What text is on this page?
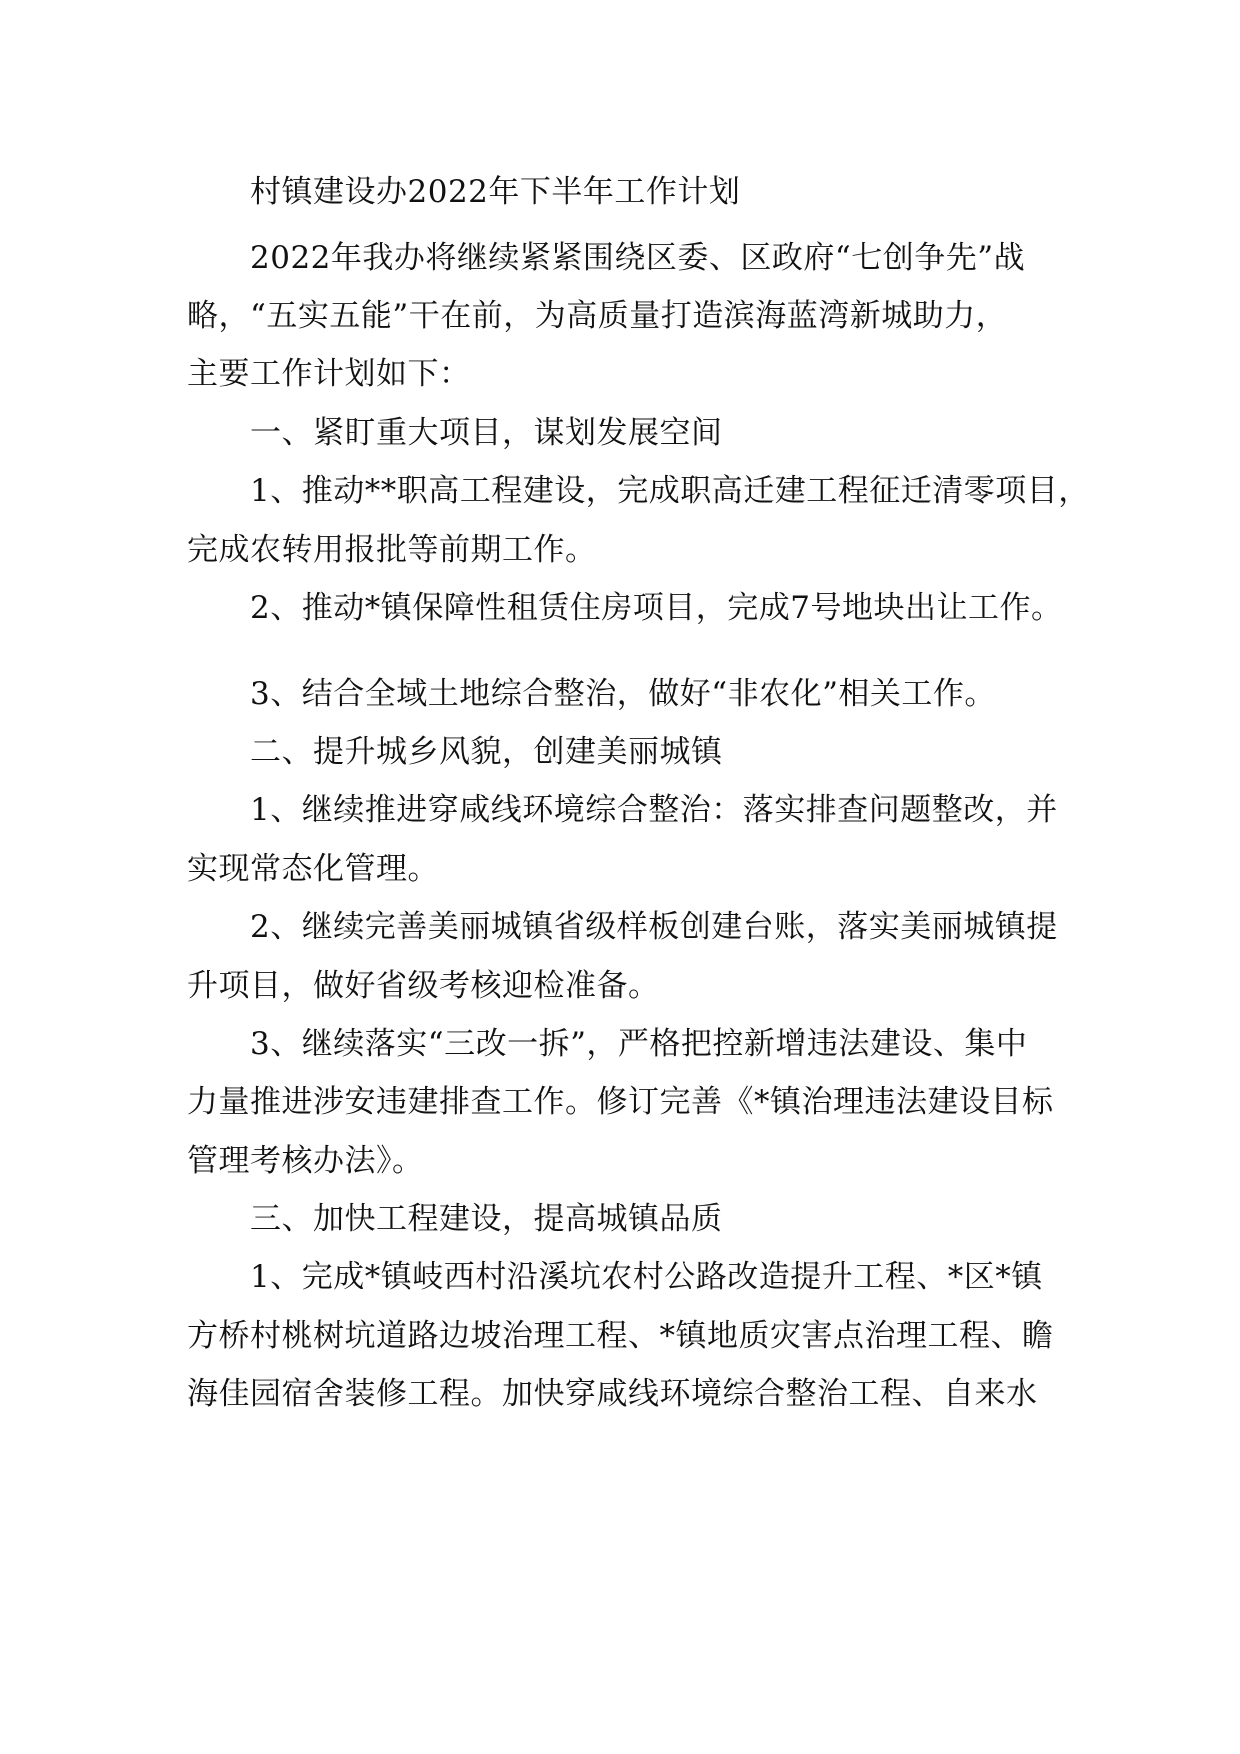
村镇建设办2022年下半年工作计划

2022年我办将继续紧紧围绕区委、区政府“七创争先”战

略，“五实五能”干在前，为高质量打造滨海蓝湾新城助力，

主要工作计划如下：

一、紧盯重大项目，谋划发展空间

1、推动**职高工程建设，完成职高迁建工程征迁清零项目，

完成农转用报批等前期工作。

2、推动*镇保障性租赁住房项目，完成7号地块出让工作。

3、结合全域土地综合整治，做好“非农化”相关工作。

二、提升城乡风貌，创建美丽城镇

1、继续推进穿咸线环境综合整治：落实排查问题整改，并

实现常态化管理。

2、继续完善美丽城镇省级样板创建台账，落实美丽城镇提

升项目，做好省级考核迎检准备。

3、继续落实“三改一拆”，严格把控新增违法建设、集中

力量推进涉安违建排查工作。修订完善《*镇治理违法建设目标

管理考核办法》。

三、加快工程建设，提高城镇品质

1、完成*镇岐西村沿溪坑农村公路改造提升工程、*区*镇

方桥村桃树坑道路边坡治理工程、*镇地质灾害点治理工程、瞻

海佳园宿舍装修工程。加快穿咸线环境综合整治工程、自来水
